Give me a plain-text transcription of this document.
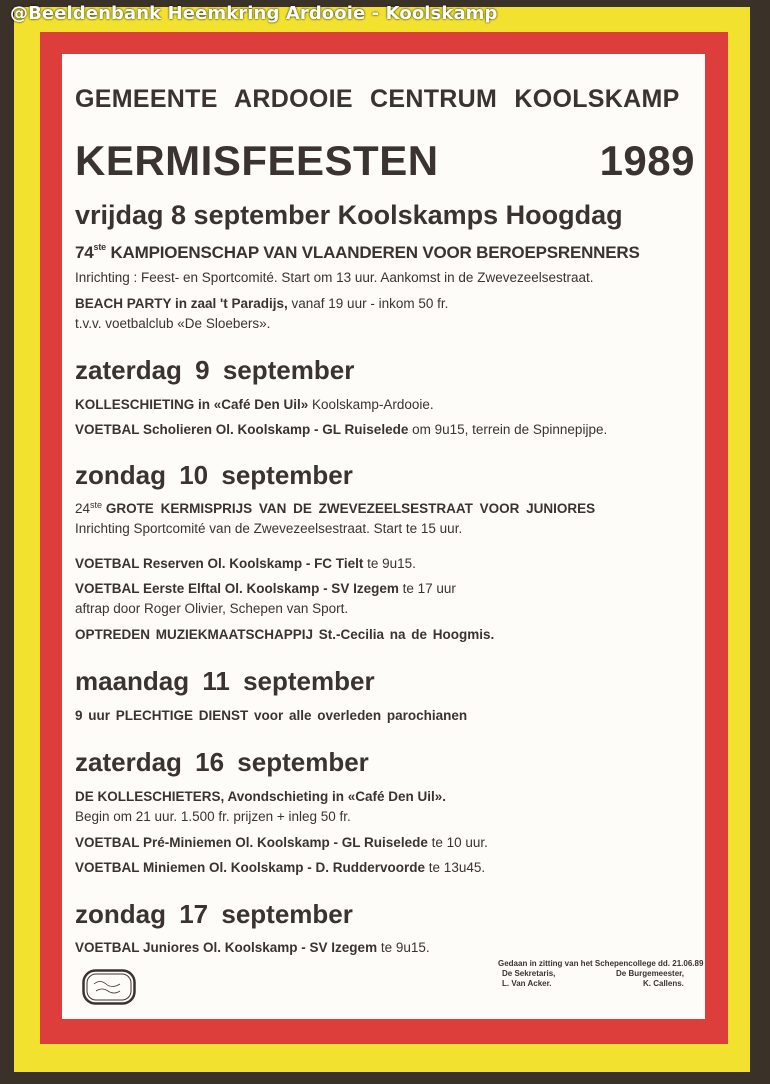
@Beeldenbank Heemkring Ardooie - Koolskamp
GEMEENTE ARDOOIE CENTRUM KOOLSKAMP
KERMISFEESTEN	1989
vrijdag 8 september Koolskamps Hoogdag
74ste KAMPIOENSCHAP VAN VLAANDEREN VOOR BEROEPSRENNERS
Inrichting : Feest- en Sportcomité. Start om 13 uur. Aankomst in de Zwevezeelsestraat.
BEACH PARTY in zaal 't Paradijs, vanaf 19 uur - inkom 50 fr.
t.v.v. voetbalclub «De Sloebers».
zaterdag 9 september
KOLLESCHIETING in «Café Den Uil» Koolskamp-Ardooie.
VOETBAL Scholieren Ol. Koolskamp - GL Ruiselede om 9u15, terrein de Spinnepijpe.
zondag 10 september
24ste GROTE KERMISPRIJS VAN DE ZWEVEZEELSESTRAAT VOOR JUNIORES
Inrichting Sportcomité van de Zwevezeelsestraat. Start te 15 uur.
VOETBAL Reserven Ol. Koolskamp - FC Tielt te 9u15.
VOETBAL Eerste Elftal Ol. Koolskamp - SV Izegem te 17 uur
aftrap door Roger Olivier, Schepen van Sport.
OPTREDEN MUZIEKMAATSCHAPPIJ St.-Cecilia na de Hoogmis.
maandag 11 september
9 uur PLECHTIGE DIENST voor alle overleden parochianen
zaterdag 16 september
DE KOLLESCHIETERS, Avondschieting in «Café Den Uil».
Begin om 21 uur. 1.500 fr. prijzen + inleg 50 fr.
VOETBAL Pré-Miniemen Ol. Koolskamp - GL Ruiselede te 10 uur.
VOETBAL Miniemen Ol. Koolskamp - D. Ruddervoorde te 13u45.
zondag 17 september
VOETBAL Juniores Ol. Koolskamp - SV Izegem te 9u15.
Gedaan in zitting van het Schepencollege dd. 21.06.89
De Sekretaris,
L. Van Acker.
De Burgemeester,
K. Callens.
